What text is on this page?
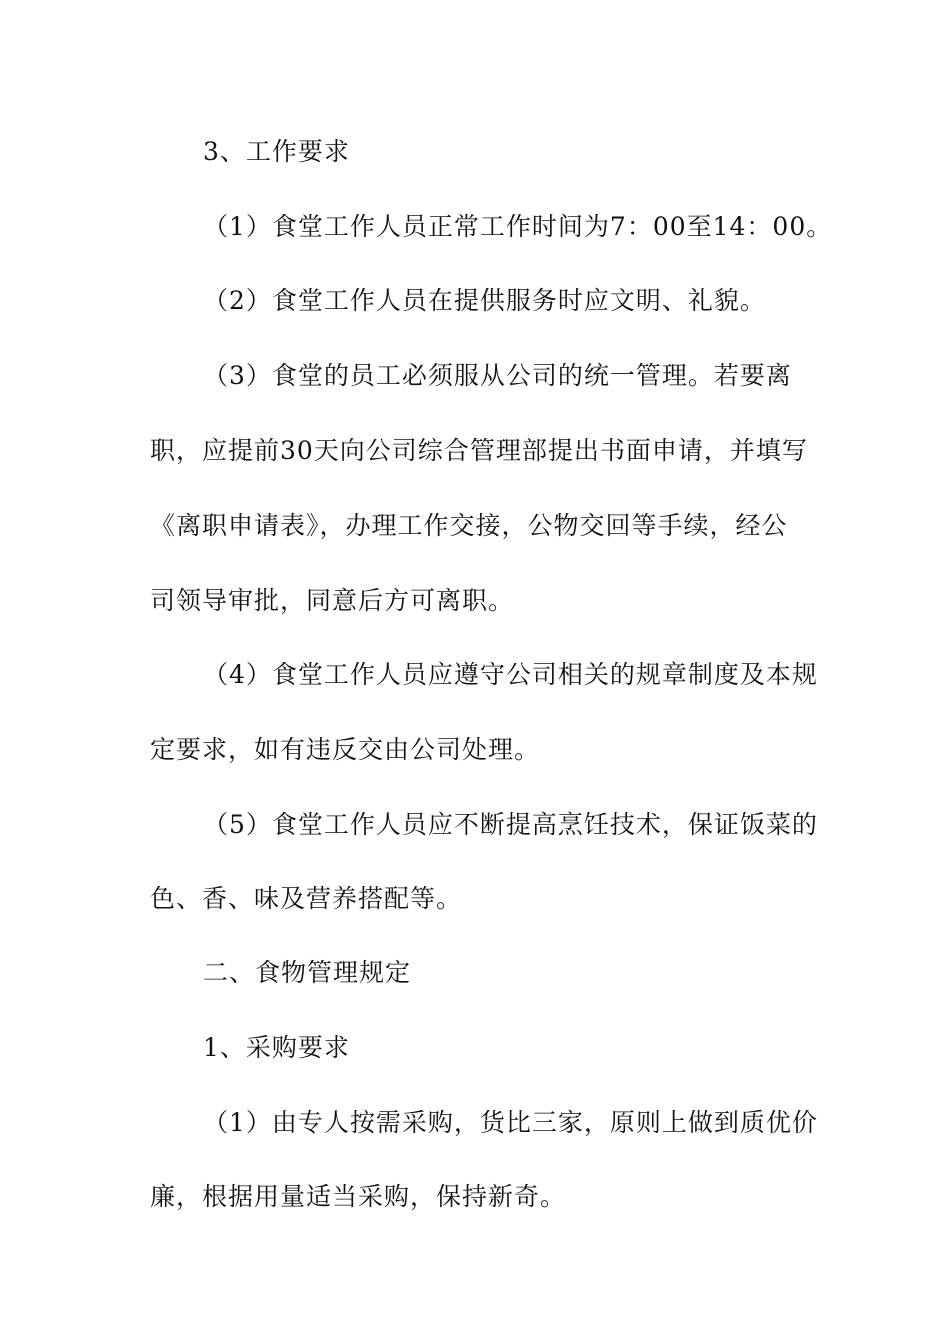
3、工作要求
（1）食堂工作人员正常工作时间为7：00至14：00。
（2）食堂工作人员在提供服务时应文明、礼貌。
（3）食堂的员工必须服从公司的统一管理。若要离
职，应提前30天向公司综合管理部提出书面申请，并填写
《离职申请表》，办理工作交接，公物交回等手续，经公
司领导审批，同意后方可离职。
（4）食堂工作人员应遵守公司相关的规章制度及本规
定要求，如有违反交由公司处理。
（5）食堂工作人员应不断提高烹饪技术，保证饭菜的
色、香、味及营养搭配等。
二、食物管理规定
1、采购要求
（1）由专人按需采购，货比三家，原则上做到质优价
廉，根据用量适当采购，保持新奇。
